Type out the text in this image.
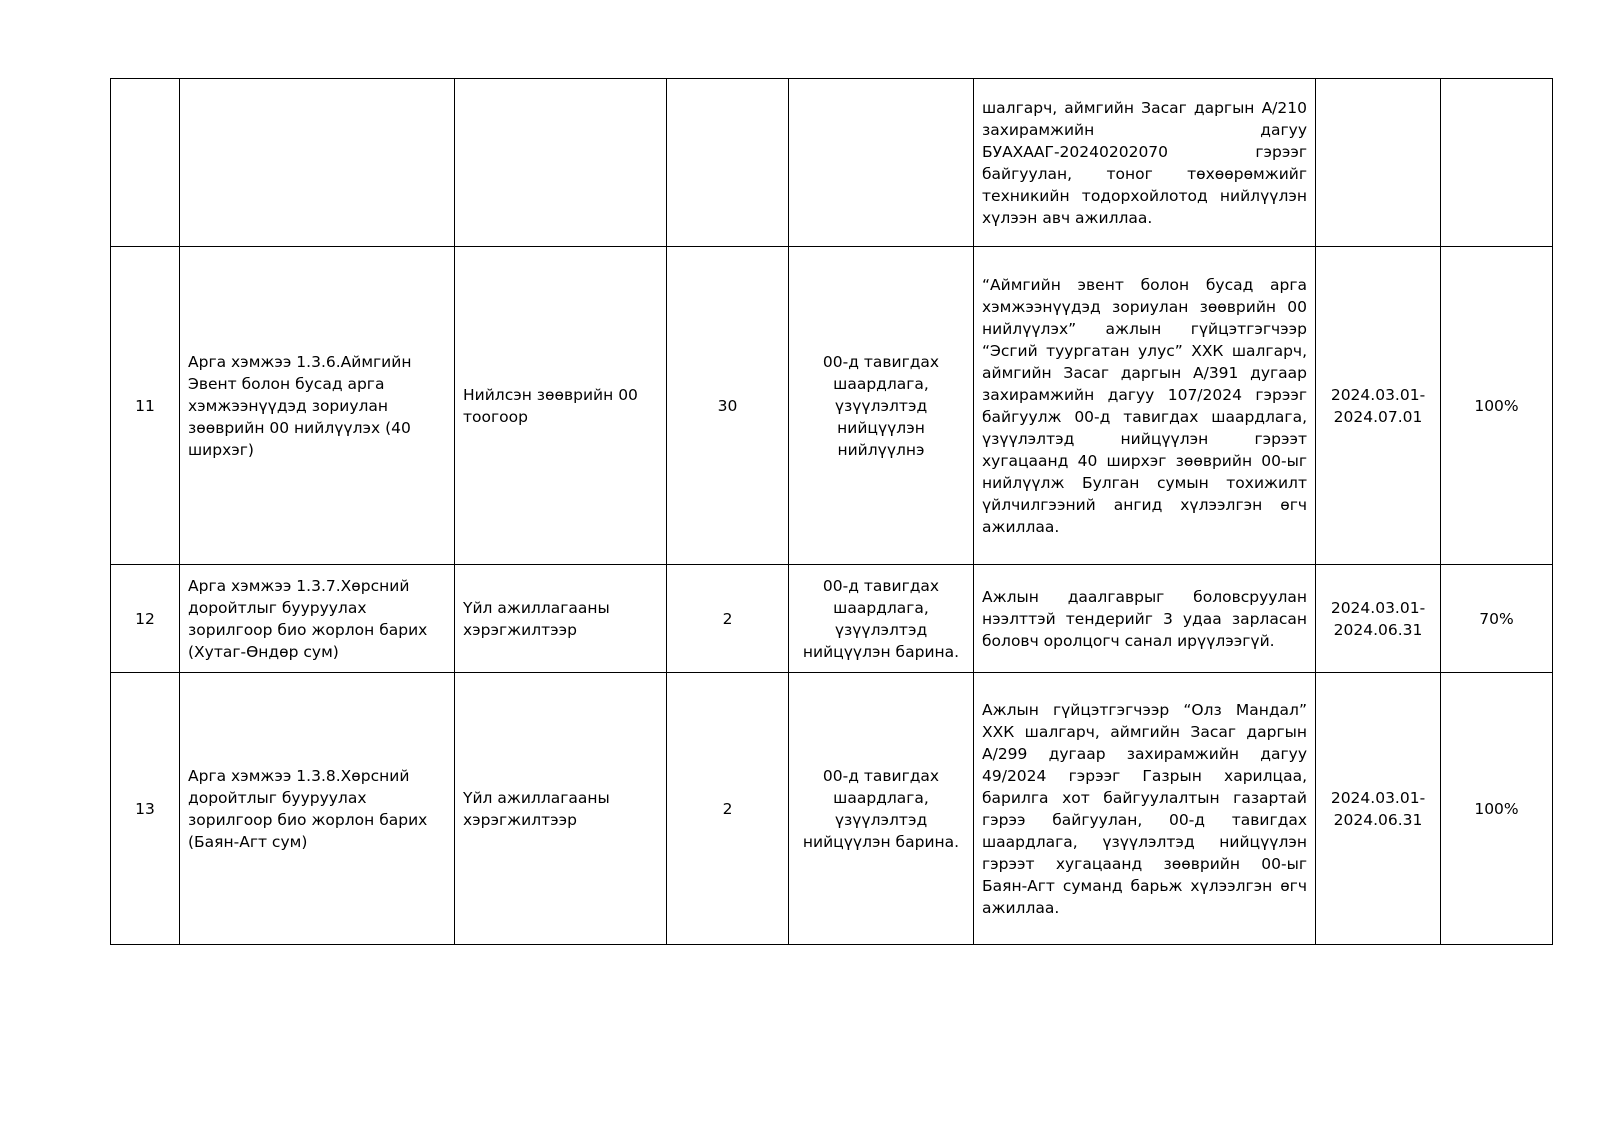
					шалгарч, аймгийн Засаг даргын А/210 захирамжийн дагуу БУАХААГ-20240202070 гэрээг байгуулан, тоног төхөөрөмжийг техникийн тодорхойлотод нийлүүлэн хүлээн авч ажиллаа.		
11	Арга хэмжээ 1.3.6.Аймгийн Эвент болон бусад арга хэмжээнүүдэд зориулан зөөврийн 00 нийлүүлэх (40 ширхэг)	Нийлсэн зөөврийн 00 тоогоор	30	00-д тавигдах шаардлага, үзүүлэлтэд нийцүүлэн нийлүүлнэ	“Аймгийн эвент болон бусад арга хэмжээнүүдэд зориулан зөөврийн 00 нийлүүлэх” ажлын гүйцэтгэгчээр “Эсгий туургатан улус” ХХК шалгарч, аймгийн Засаг даргын А/391 дугаар захирамжийн дагуу 107/2024 гэрээг байгуулж 00-д тавигдах шаардлага, үзүүлэлтэд нийцүүлэн гэрээт хугацаанд 40 ширхэг зөөврийн 00-ыг нийлүүлж Булган сумын тохижилт үйлчилгээний ангид хүлээлгэн өгч ажиллаа.	2024.03.01-2024.07.01	100%
12	Арга хэмжээ 1.3.7.Хөрсний доройтлыг бууруулах зорилгоор био жорлон барих (Хутаг-Өндөр сум)	Үйл ажиллагааны хэрэгжилтээр	2	00-д тавигдах шаардлага, үзүүлэлтэд нийцүүлэн барина.	Ажлын даалгаврыг боловсруулан нээлттэй тендерийг 3 удаа зарласан боловч оролцогч санал ирүүлээгүй.	2024.03.01-2024.06.31	70%
13	Арга хэмжээ 1.3.8.Хөрсний доройтлыг бууруулах зорилгоор био жорлон барих (Баян-Агт сум)	Үйл ажиллагааны хэрэгжилтээр	2	00-д тавигдах шаардлага, үзүүлэлтэд нийцүүлэн барина.	Ажлын гүйцэтгэгчээр “Олз Мандал” ХХК шалгарч, аймгийн Засаг даргын А/299 дугаар захирамжийн дагуу 49/2024 гэрээг Газрын харилцаа, барилга хот байгуулалтын газартай гэрээ байгуулан, 00-д тавигдах шаардлага, үзүүлэлтэд нийцүүлэн гэрээт хугацаанд зөөврийн 00-ыг Баян-Агт суманд барьж хүлээлгэн өгч ажиллаа.	2024.03.01-2024.06.31	100%
